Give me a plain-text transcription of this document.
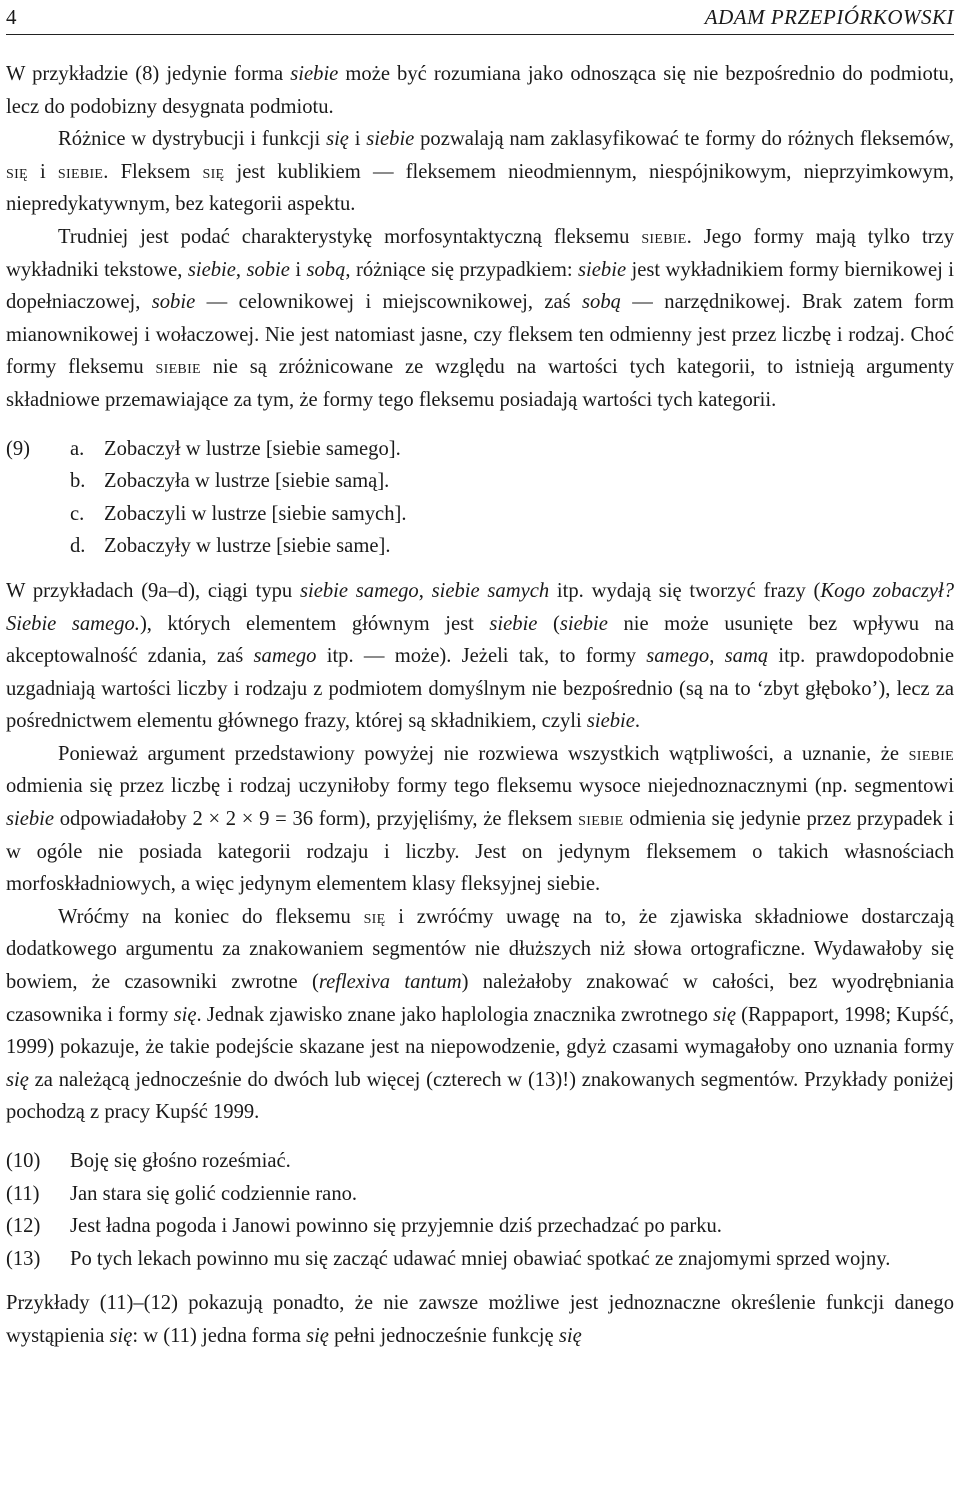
4	ADAM PRZEPIÓRKOWSKI

W przykładzie (8) jedynie forma siebie może być rozumiana jako odnosząca się nie bezpośrednio do podmiotu, lecz do podobizny desygnata podmiotu.

Różnice w dystrybucji i funkcji się i siebie pozwalają nam zaklasyfikować te formy do różnych fleksemów, się i siebie. Fleksem się jest kublikiem — fleksemem nieodmiennym, niespójnikowym, nieprzyimkowym, niepredykatywnym, bez kategorii aspektu.

Trudniej jest podać charakterystykę morfosyntaktyczną fleksemu siebie. Jego formy mają tylko trzy wykładniki tekstowe, siebie, sobie i sobą, różniące się przypadkiem: siebie jest wykładnikiem formy biernikowej i dopełniaczowej, sobie — celownikowej i miejscownikowej, zaś sobą — narzędnikowej. Brak zatem form mianownikowej i wołaczowej. Nie jest natomiast jasne, czy fleksem ten odmienny jest przez liczbę i rodzaj. Choć formy fleksemu siebie nie są zróżnicowane ze względu na wartości tych kategorii, to istnieją argumenty składniowe przemawiające za tym, że formy tego fleksemu posiadają wartości tych kategorii.

(9)	a. Zobaczył w lustrze [siebie samego].
b. Zobaczyła w lustrze [siebie samą].
c. Zobaczyli w lustrze [siebie samych].
d. Zobaczyły w lustrze [siebie same].

W przykładach (9a–d), ciągi typu siebie samego, siebie samych itp. wydają się tworzyć frazy (Kogo zobaczył? Siebie samego.), których elementem głównym jest siebie (siebie nie może usunięte bez wpływu na akceptowalność zdania, zaś samego itp. — może). Jeżeli tak, to formy samego, samą itp. prawdopodobnie uzgadniają wartości liczby i rodzaju z podmiotem domyślnym nie bezpośrednio (są na to ‘zbyt głęboko’), lecz za pośrednictwem elementu głównego frazy, której są składnikiem, czyli siebie.

Ponieważ argument przedstawiony powyżej nie rozwiewa wszystkich wątpliwości, a uznanie, że siebie odmienia się przez liczbę i rodzaj uczyniłoby formy tego fleksemu wysoce niejednoznacznymi (np. segmentowi siebie odpowiadałoby 2 × 2 × 9 = 36 form), przyjęliśmy, że fleksem siebie odmienia się jedynie przez przypadek i w ogóle nie posiada kategorii rodzaju i liczby. Jest on jedynym fleksemem o takich własnościach morfoskładniowych, a więc jedynym elementem klasy fleksyjnej siebie.

Wróćmy na koniec do fleksemu się i zwróćmy uwagę na to, że zjawiska składniowe dostarczają dodatkowego argumentu za znakowaniem segmentów nie dłuższych niż słowa ortograficzne. Wydawałoby się bowiem, że czasowniki zwrotne (reflexiva tantum) należałoby znakować w całości, bez wyodrębniania czasownika i formy się. Jednak zjawisko znane jako haplologia znacznika zwrotnego się (Rappaport, 1998; Kupść, 1999) pokazuje, że takie podejście skazane jest na niepowodzenie, gdyż czasami wymagałoby ono uznania formy się za należącą jednocześnie do dwóch lub więcej (czterech w (13)!) znakowanych segmentów. Przykłady poniżej pochodzą z pracy Kupść 1999.

(10)	Boję się głośno roześmiać.
(11)	Jan stara się golić codziennie rano.
(12)	Jest ładna pogoda i Janowi powinno się przyjemnie dziś przechadzać po parku.
(13)	Po tych lekach powinno mu się zacząć udawać mniej obawiać spotkać ze znajomymi sprzed wojny.

Przykłady (11)–(12) pokazują ponadto, że nie zawsze możliwe jest jednoznaczne określenie funkcji danego wystąpienia się: w (11) jedna forma się pełni jednocześnie funkcję się
